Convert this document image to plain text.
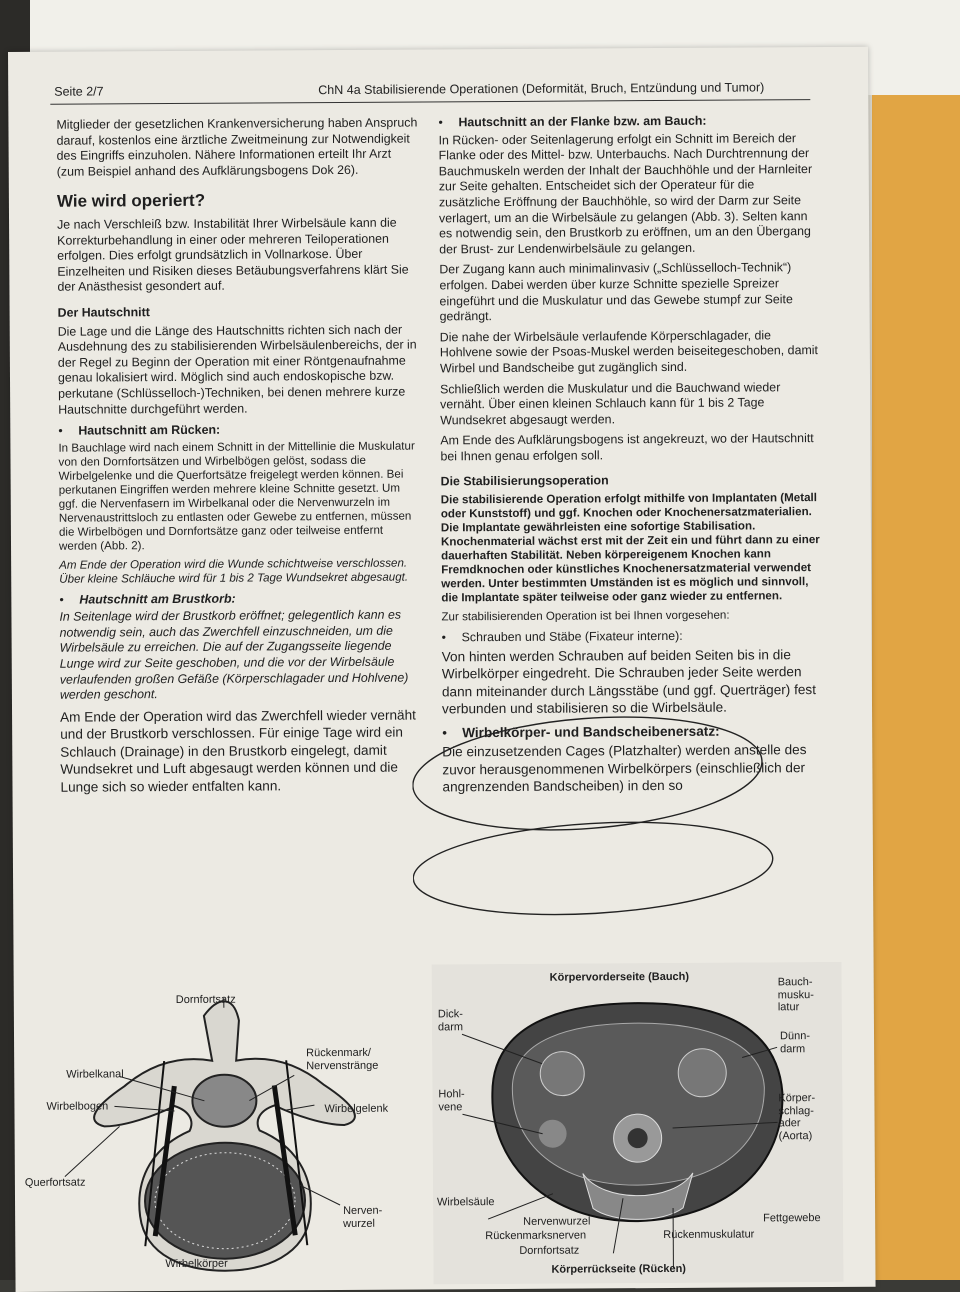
Seite 2/7	ChN 4a Stabilisierende Operationen (Deformität, Bruch, Entzündung und Tumor)

Mitglieder der gesetzlichen Krankenversicherung haben Anspruch darauf, kostenlos eine ärztliche Zweitmeinung zur Notwendigkeit des Eingriffs einzuholen. Nähere Informationen erteilt Ihr Arzt (zum Beispiel anhand des Aufklärungsbogens Dok 26).

Wie wird operiert?

Je nach Verschleiß bzw. Instabilität Ihrer Wirbelsäule kann die Korrekturbehandlung in einer oder mehreren Teiloperationen erfolgen. Dies erfolgt grundsätzlich in Vollnarkose. Über Einzelheiten und Risiken dieses Betäubungsverfahrens klärt Sie der Anästhesist gesondert auf.

Der Hautschnitt

Die Lage und die Länge des Hautschnitts richten sich nach der Ausdehnung des zu stabilisierenden Wirbelsäulenbereichs, der in der Regel zu Beginn der Operation mit einer Röntgenaufnahme genau lokalisiert wird. Möglich sind auch endoskopische bzw. perkutane (Schlüsselloch-)Techniken, bei denen mehrere kurze Hautschnitte durchgeführt werden.

•	Hautschnitt am Rücken:

In Bauchlage wird nach einem Schnitt in der Mittellinie die Muskulatur von den Dornfortsätzen und Wirbelbögen gelöst, sodass die Wirbelgelenke und die Querfortsätze freigelegt werden können. Bei perkutanen Eingriffen werden mehrere kleine Schnitte gesetzt. Um ggf. die Nervenfasern im Wirbelkanal oder die Nervenwurzeln im Nervenaustrittsloch zu entlasten oder Gewebe zu entfernen, müssen die Wirbelbögen und Dornfortsätze ganz oder teilweise entfernt werden (Abb. 2).

Am Ende der Operation wird die Wunde schichtweise verschlossen. Über kleine Schläuche wird für 1 bis 2 Tage Wundsekret abgesaugt.

•	Hautschnitt am Brustkorb:

In Seitenlage wird der Brustkorb eröffnet; gelegentlich kann es notwendig sein, auch das Zwerchfell einzuschneiden, um die Wirbelsäule zu erreichen. Die auf der Zugangsseite liegende Lunge wird zur Seite geschoben, und die vor der Wirbelsäule verlaufenden großen Gefäße (Körperschlagader und Hohlvene) werden geschont.

Am Ende der Operation wird das Zwerchfell wieder vernäht und der Brustkorb verschlossen. Für einige Tage wird ein Schlauch (Drainage) in den Brustkorb eingelegt, damit Wundsekret und Luft abgesaugt werden können und die Lunge sich so wieder entfalten kann.

•	Hautschnitt an der Flanke bzw. am Bauch:

In Rücken- oder Seitenlagerung erfolgt ein Schnitt im Bereich der Flanke oder des Mittel- bzw. Unterbauchs. Nach Durchtrennung der Bauchmuskeln werden der Inhalt der Bauchhöhle und der Harnleiter zur Seite gehalten. Entscheidet sich der Operateur für die zusätzliche Eröffnung der Bauchhöhle, so wird der Darm zur Seite verlagert, um an die Wirbelsäule zu gelangen (Abb. 3). Selten kann es notwendig sein, den Brustkorb zu eröffnen, um an den Übergang der Brust- zur Lendenwirbelsäule zu gelangen.

Der Zugang kann auch minimalinvasiv („Schlüsselloch-Technik“) erfolgen. Dabei werden über kurze Schnitte spezielle Spreizer eingeführt und die Muskulatur und das Gewebe stumpf zur Seite gedrängt.

Die nahe der Wirbelsäule verlaufende Körperschlagader, die Hohlvene sowie der Psoas-Muskel werden beiseitegeschoben, damit Wirbel und Bandscheibe gut zugänglich sind.

Schließlich werden die Muskulatur und die Bauchwand wieder vernäht. Über einen kleinen Schlauch kann für 1 bis 2 Tage Wundsekret abgesaugt werden.

Am Ende des Aufklärungsbogens ist angekreuzt, wo der Hautschnitt bei Ihnen genau erfolgen soll.

Die Stabilisierungsoperation

Die stabilisierende Operation erfolgt mithilfe von Implantaten (Metall oder Kunststoff) und ggf. Knochen oder Knochenersatzmaterialien. Die Implantate gewährleisten eine sofortige Stabilisation. Knochenmaterial wächst erst mit der Zeit ein und führt dann zu einer dauerhaften Stabilität. Neben körpereigenem Knochen kann Fremdknochen oder künstliches Knochenersatzmaterial verwendet werden. Unter bestimmten Umständen ist es möglich und sinnvoll, die Implantate später teilweise oder ganz wieder zu entfernen.

Zur stabilisierenden Operation ist bei Ihnen vorgesehen:

•	Schrauben und Stäbe (Fixateur interne):

Von hinten werden Schrauben auf beiden Seiten bis in die Wirbelkörper eingedreht. Die Schrauben jeder Seite werden dann miteinander durch Längsstäbe (und ggf. Querträger) fest verbunden und stabilisieren so die Wirbelsäule.

•	Wirbelkörper- und Bandscheibenersatz:

Die einzusetzenden Cages (Platzhalter) werden anstelle des zuvor herausgenommenen Wirbelkörpers (einschließlich der angrenzenden Bandscheiben) in den so

Dornfortsatz
Rückenmark/
Nervenstränge
Wirbelkanal
Wirbelbogen	Wirbelgelenk
Querfortsatz
Nerven-
wurzel
Wirbelkörper
Körpervorderseite (Bauch)
Körperrückseite (Rücken)
Dick-
darm
Bauch-
musku-
latur
Dünn-
darm
Hohl-
vene
Körper-
schlag-
ader
(Aorta)
Wirbelsäule
Fettgewebe
Nervenwurzel
Rückenmarksnerven	Rückenmuskulatur
Dornfortsatz
